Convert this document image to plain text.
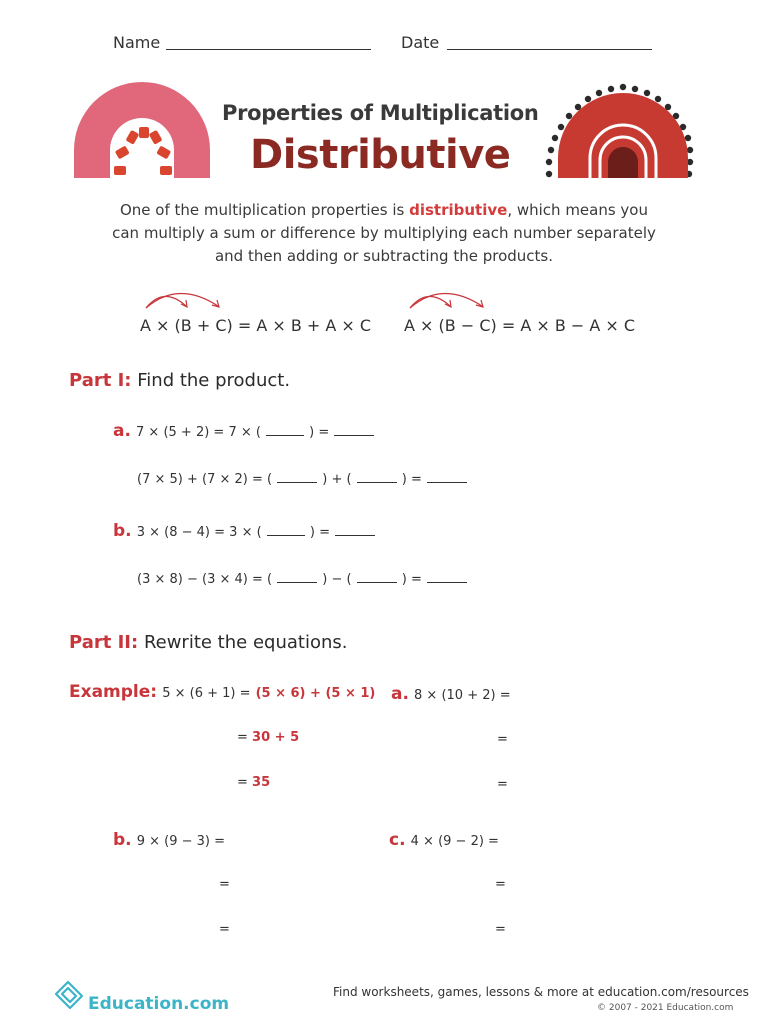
Name	Date
Properties of Multiplication
Distributive
One of the multiplication properties is distributive, which means you can multiply a sum or difference by multiplying each number separately and then adding or subtracting the products.
A × (B + C) = A × B + A × C A × (B − C) = A × B − A × C
Part I: Find the product.
a. 7 × (5 + 2) = 7 × (	) =
(7 × 5) + (7 × 2) = (	) + (	) =
b. 3 × (8 − 4) = 3 × (	) =
(3 × 8) − (3 × 4) = (	) − (	) =
Part II: Rewrite the equations.
Example: 5 × (6 + 1) = (5 × 6) + (5 × 1)
= 30 + 5
= 35
a. 8 × (10 + 2) =
=
=
b. 9 × (9 − 3) =
=
=
c. 4 × (9 − 2) =
=
=
Education.com
Find worksheets, games, lessons & more at education.com/resources
© 2007 - 2021 Education.com
